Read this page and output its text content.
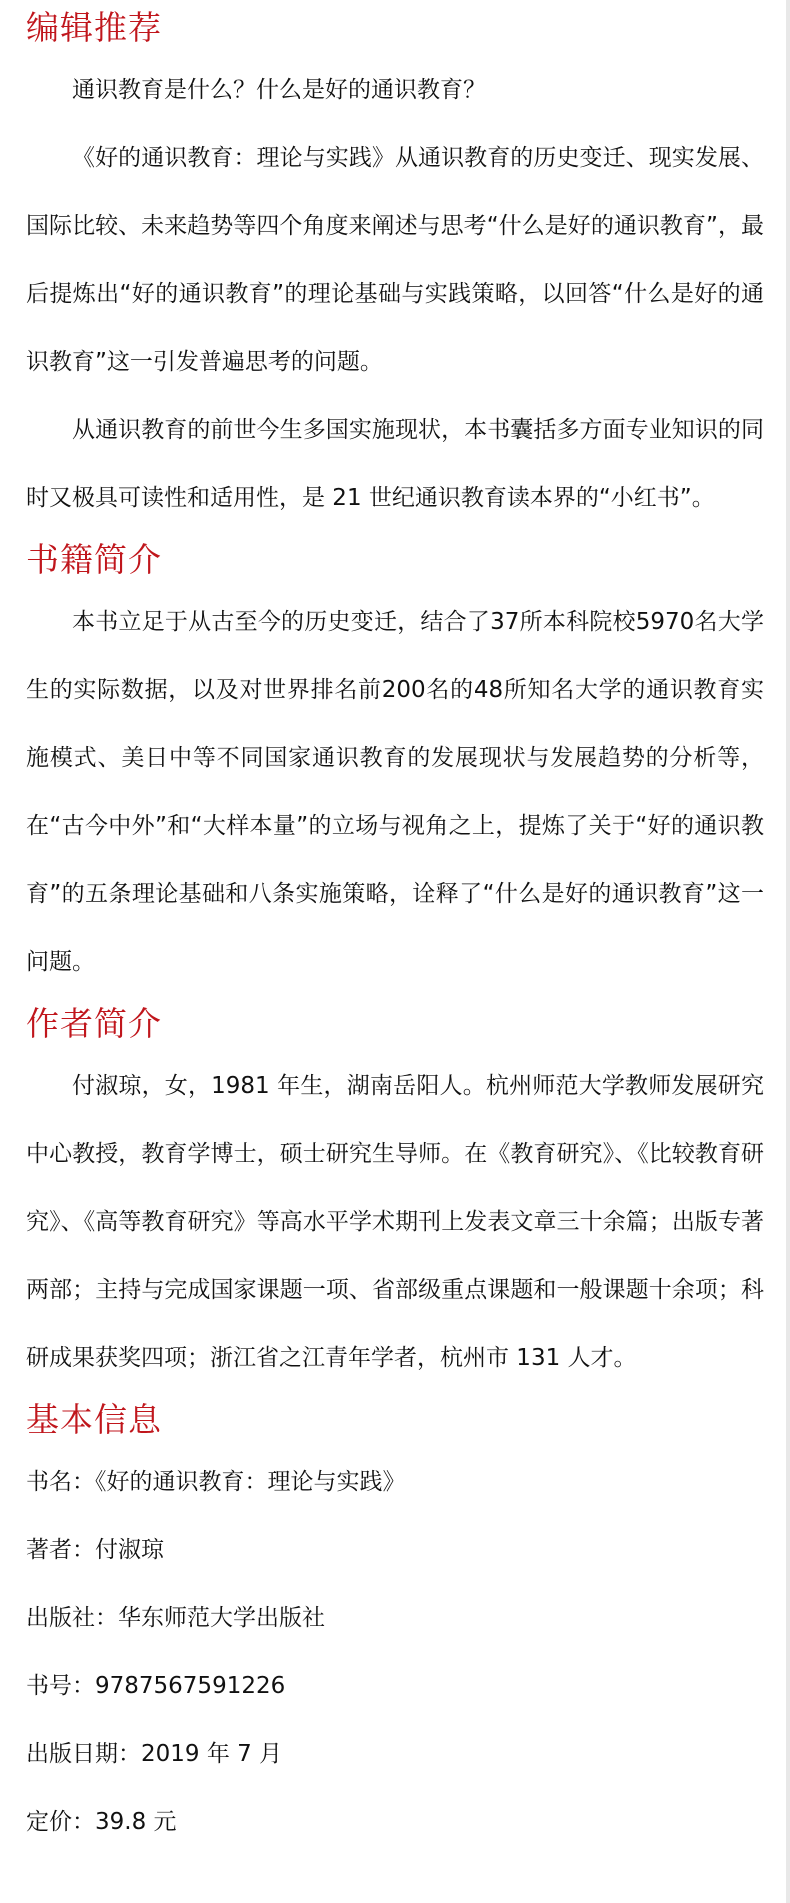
编辑推荐

通识教育是什么？什么是好的通识教育？

《好的通识教育：理论与实践》从通识教育的历史变迁、现实发展、国际比较、未来趋势等四个角度来阐述与思考“什么是好的通识教育”，最后提炼出“好的通识教育”的理论基础与实践策略，以回答“什么是好的通识教育”这一引发普遍思考的问题。

从通识教育的前世今生多国实施现状，本书囊括多方面专业知识的同时又极具可读性和适用性，是 21 世纪通识教育读本界的“小红书”。

书籍简介

本书立足于从古至今的历史变迁，结合了37所本科院校5970名大学生的实际数据，以及对世界排名前200名的48所知名大学的通识教育实施模式、美日中等不同国家通识教育的发展现状与发展趋势的分析等，在“古今中外”和“大样本量”的立场与视角之上，提炼了关于“好的通识教育”的五条理论基础和八条实施策略，诠释了“什么是好的通识教育”这一问题。

作者简介

付淑琼，女，1981 年生，湖南岳阳人。杭州师范大学教师发展研究中心教授，教育学博士，硕士研究生导师。在《教育研究》、《比较教育研究》、《高等教育研究》等高水平学术期刊上发表文章三十余篇；出版专著两部；主持与完成国家课题一项、省部级重点课题和一般课题十余项；科研成果获奖四项；浙江省之江青年学者，杭州市 131 人才。

基本信息

书名：《好的通识教育：理论与实践》

著者：付淑琼

出版社：华东师范大学出版社

书号：9787567591226

出版日期：2019 年 7 月

定价：39.8 元
